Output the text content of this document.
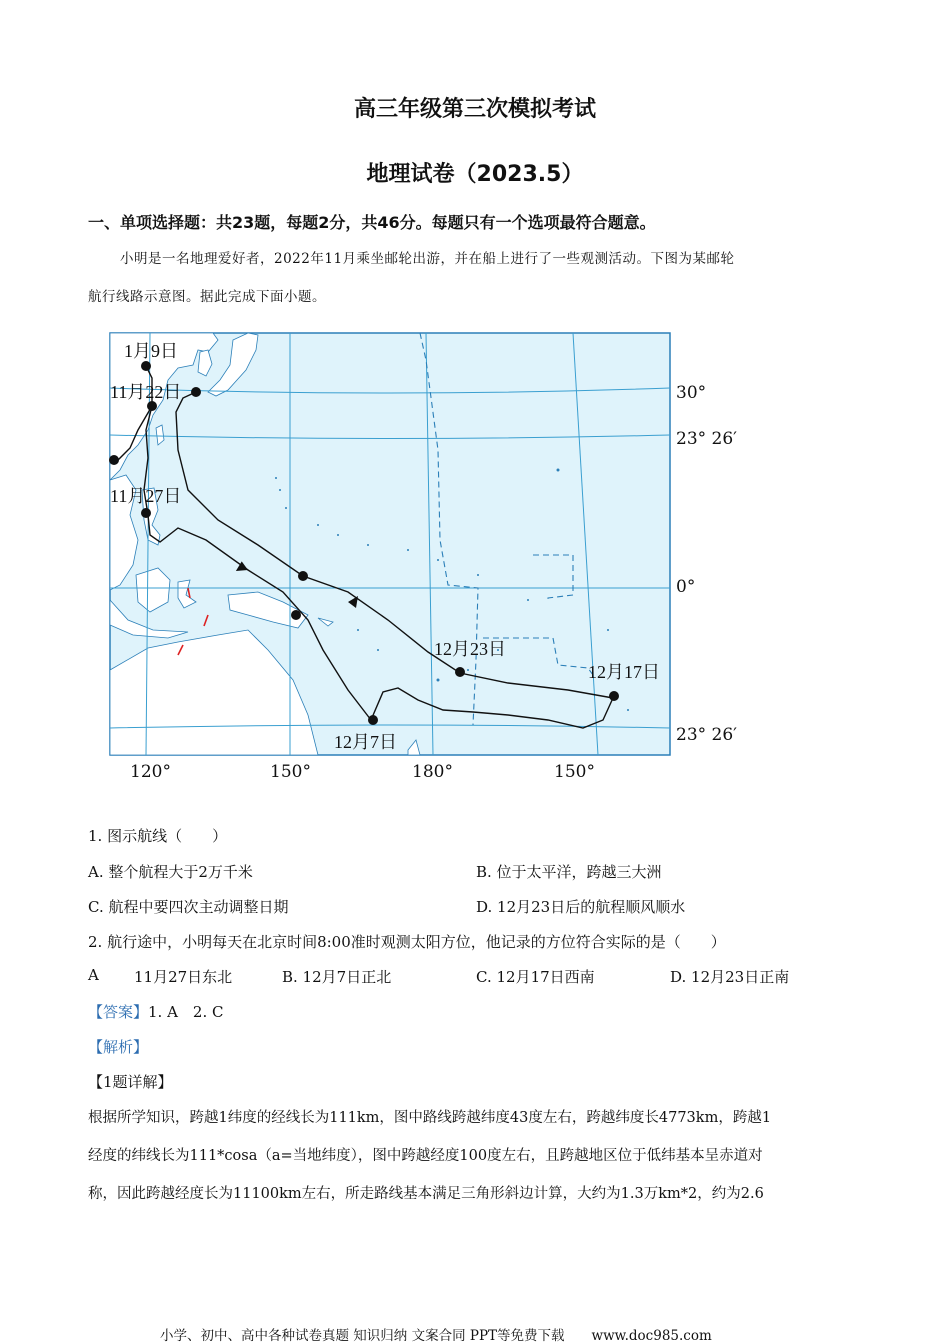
高三年级第三次模拟考试
地理试卷（2023.5）
一、单项选择题：共23题，每题2分，共46分。每题只有一个选项最符合题意。
小明是一名地理爱好者，2022年11月乘坐邮轮出游，并在船上进行了一些观测活动。下图为某邮轮
航行线路示意图。据此完成下面小题。
1月9日
11月22日
11月27日
12月23日
12月17日
12月7日
30°
23° 26′
0°
23° 26′
120°	150°	180°	150°
1. 图示航线（　　）
A. 整个航程大于2万千米	B. 位于太平洋，跨越三大洲
C. 航程中要四次主动调整日期	D. 12月23日后的航程顺风顺水
2. 航行途中，小明每天在北京时间8:00准时观测太阳方位，他记录的方位符合实际的是（　　）
A 11月27日东北	B. 12月7日正北	C. 12月17日西南	D. 12月23日正南
【答案】1. A　2. C
【解析】
【1题详解】
根据所学知识，跨越1纬度的经线长为111km，图中路线跨越纬度43度左右，跨越纬度长4773km，跨越1
经度的纬线长为111*cosa（a=当地纬度），图中跨越经度100度左右，且跨越地区位于低纬基本呈赤道对
称，因此跨越经度长为11100km左右，所走路线基本满足三角形斜边计算，大约为1.3万km*2，约为2.6
小学、初中、高中各种试卷真题 知识归纳 文案合同 PPT等免费下载　　www.doc985.com
